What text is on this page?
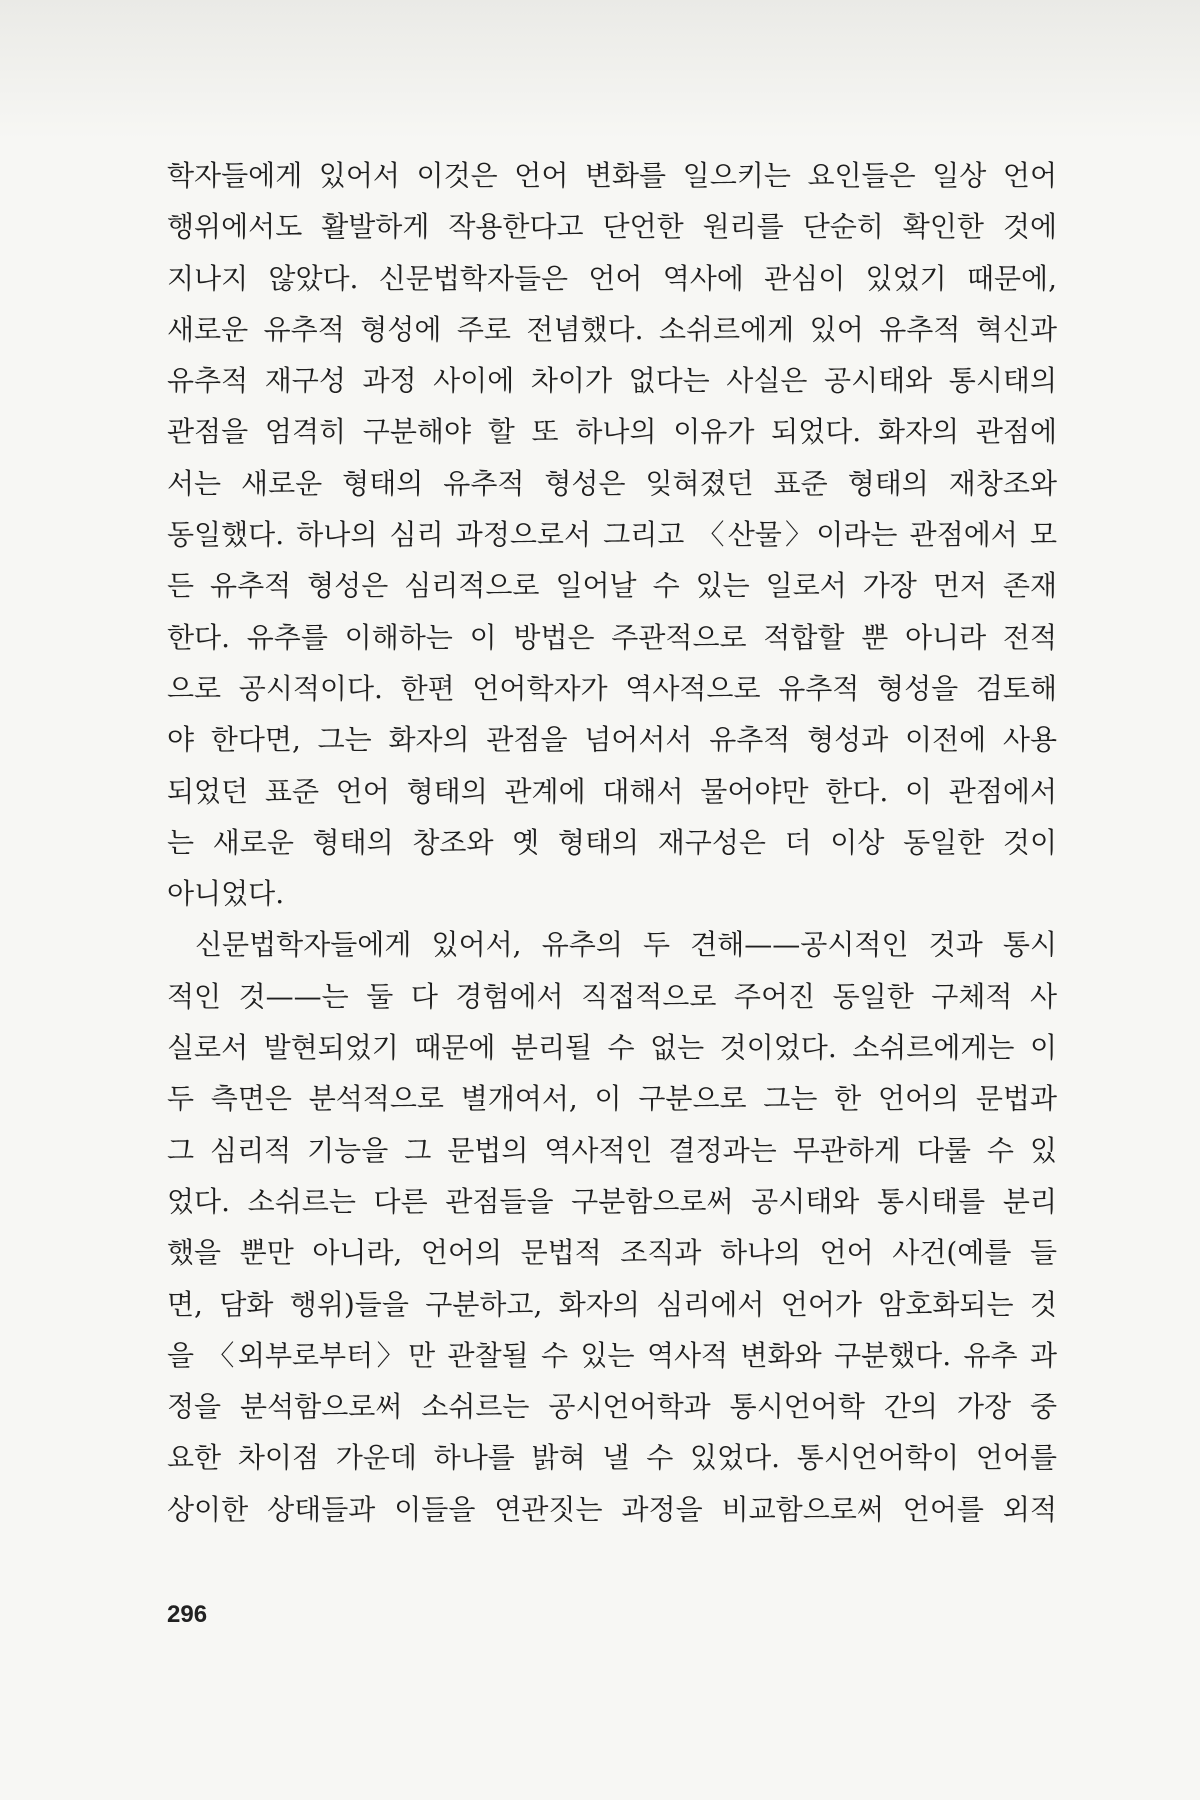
학자들에게 있어서 이것은 언어 변화를 일으키는 요인들은 일상 언어
행위에서도 활발하게 작용한다고 단언한 원리를 단순히 확인한 것에
지나지 않았다. 신문법학자들은 언어 역사에 관심이 있었기 때문에,
새로운 유추적 형성에 주로 전념했다. 소쉬르에게 있어 유추적 혁신과
유추적 재구성 과정 사이에 차이가 없다는 사실은 공시태와 통시태의
관점을 엄격히 구분해야 할 또 하나의 이유가 되었다. 화자의 관점에
서는 새로운 형태의 유추적 형성은 잊혀졌던 표준 형태의 재창조와
동일했다. 하나의 심리 과정으로서 그리고 〈산물〉이라는 관점에서 모
든 유추적 형성은 심리적으로 일어날 수 있는 일로서 가장 먼저 존재
한다. 유추를 이해하는 이 방법은 주관적으로 적합할 뿐 아니라 전적
으로 공시적이다. 한편 언어학자가 역사적으로 유추적 형성을 검토해
야 한다면, 그는 화자의 관점을 넘어서서 유추적 형성과 이전에 사용
되었던 표준 언어 형태의 관계에 대해서 물어야만 한다. 이 관점에서
는 새로운 형태의 창조와 옛 형태의 재구성은 더 이상 동일한 것이
아니었다.
신문법학자들에게 있어서, 유추의 두 견해——공시적인 것과 통시
적인 것——는 둘 다 경험에서 직접적으로 주어진 동일한 구체적 사
실로서 발현되었기 때문에 분리될 수 없는 것이었다. 소쉬르에게는 이
두 측면은 분석적으로 별개여서, 이 구분으로 그는 한 언어의 문법과
그 심리적 기능을 그 문법의 역사적인 결정과는 무관하게 다룰 수 있
었다. 소쉬르는 다른 관점들을 구분함으로써 공시태와 통시태를 분리
했을 뿐만 아니라, 언어의 문법적 조직과 하나의 언어 사건(예를 들
면, 담화 행위)들을 구분하고, 화자의 심리에서 언어가 암호화되는 것
을 〈외부로부터〉만 관찰될 수 있는 역사적 변화와 구분했다. 유추 과
정을 분석함으로써 소쉬르는 공시언어학과 통시언어학 간의 가장 중
요한 차이점 가운데 하나를 밝혀 낼 수 있었다. 통시언어학이 언어를
상이한 상태들과 이들을 연관짓는 과정을 비교함으로써 언어를 외적
296
